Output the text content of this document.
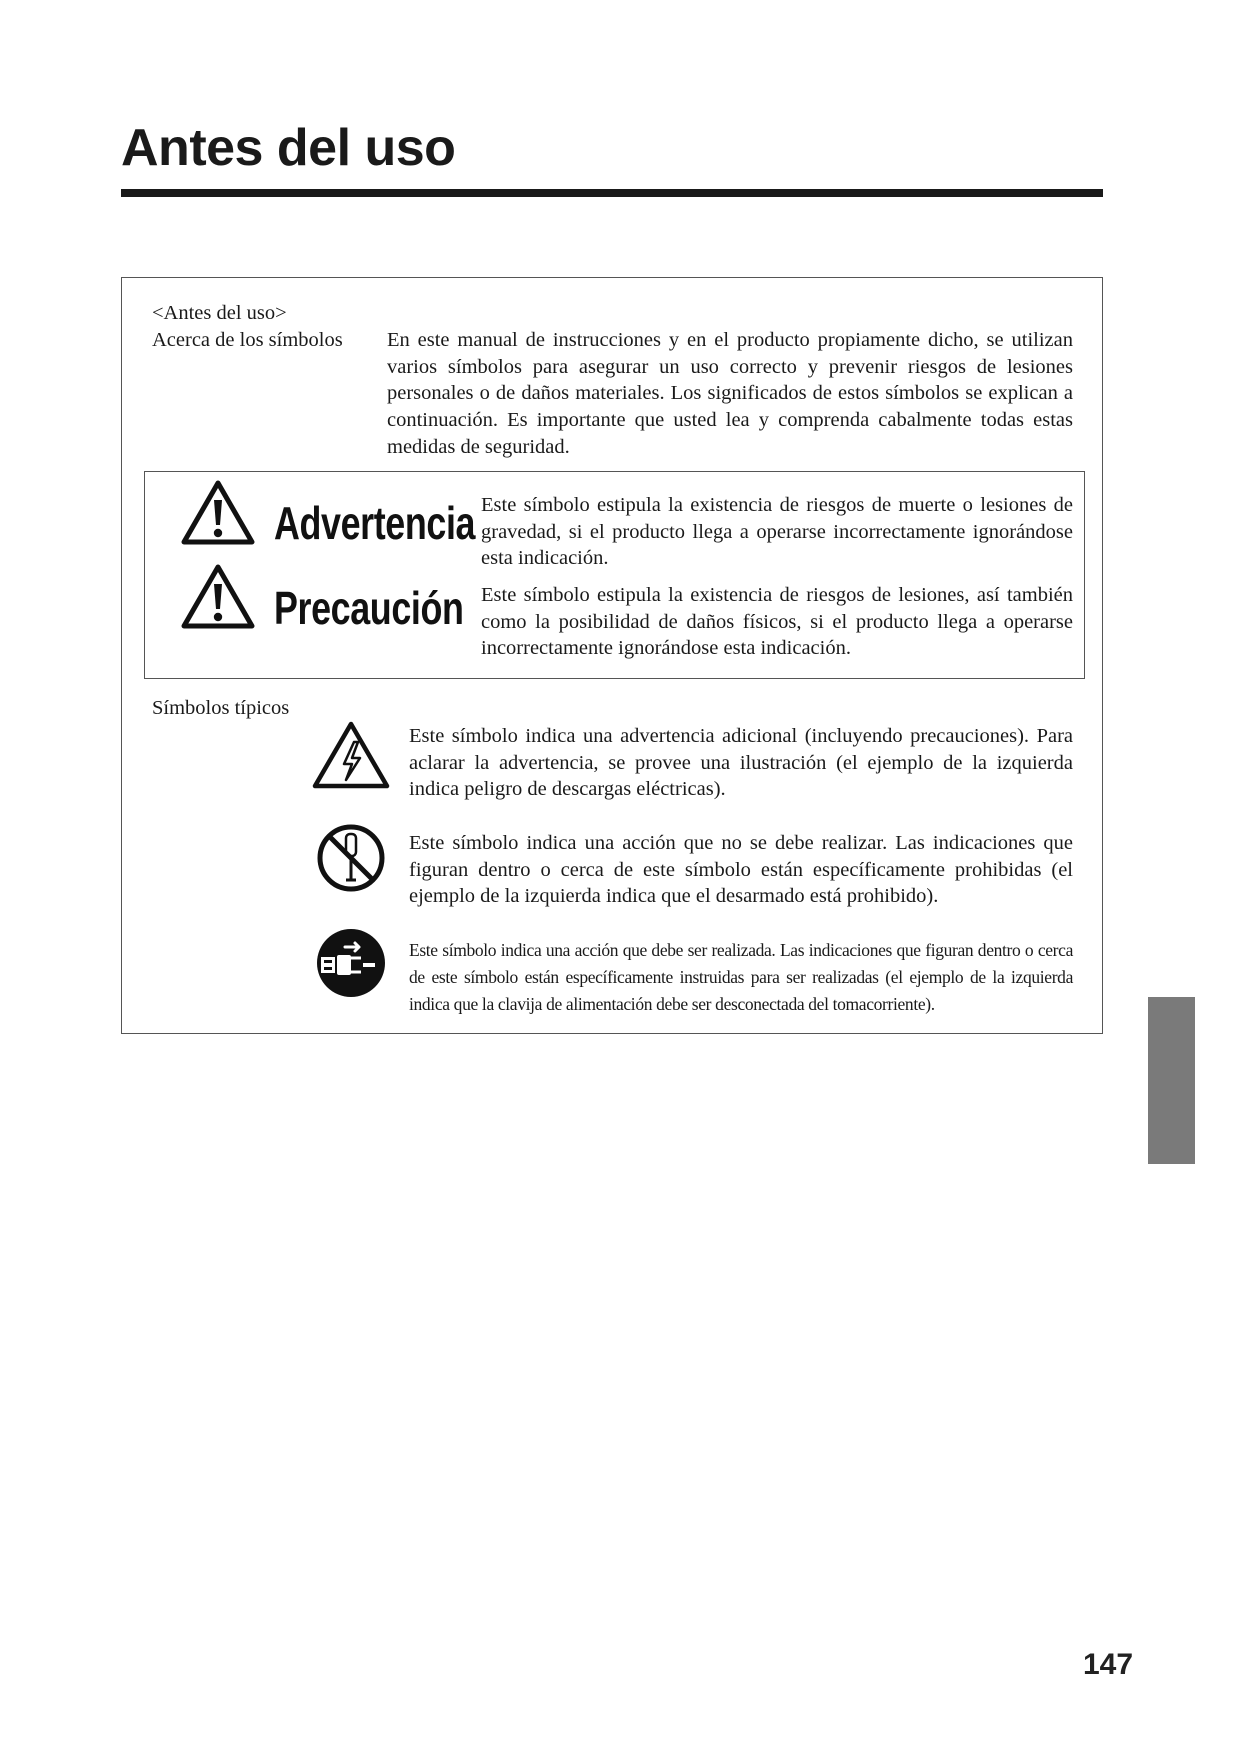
Antes del uso
<Antes del uso>
Acerca de los símbolos En este manual de instrucciones y en el producto propiamente dicho, se utilizan varios símbolos para asegurar un uso correcto y prevenir riesgos de lesiones personales o de daños materiales. Los significados de estos símbolos se explican a continuación. Es importante que usted lea y comprenda cabalmente todas estas medidas de seguridad.
Advertencia Este símbolo estipula la existencia de riesgos de muerte o lesiones de gravedad, si el producto llega a operarse incorrectamente ignorándose esta indicación.
Precaución Este símbolo estipula la existencia de riesgos de lesiones, así también como la posibilidad de daños físicos, si el producto llega a operarse incorrectamente ignorándose esta indicación.
Símbolos típicos
Este símbolo indica una advertencia adicional (incluyendo precauciones). Para aclarar la advertencia, se provee una ilustración (el ejemplo de la izquierda indica peligro de descargas eléctricas).
Este símbolo indica una acción que no se debe realizar. Las indicaciones que figuran dentro o cerca de este símbolo están específicamente prohibidas (el ejemplo de la izquierda indica que el desarmado está prohibido).
Este símbolo indica una acción que debe ser realizada. Las indicaciones que figuran dentro o cerca de este símbolo están específicamente instruidas para ser realizadas (el ejemplo de la izquierda indica que la clavija de alimentación debe ser desconectada del tomacorriente).
147
